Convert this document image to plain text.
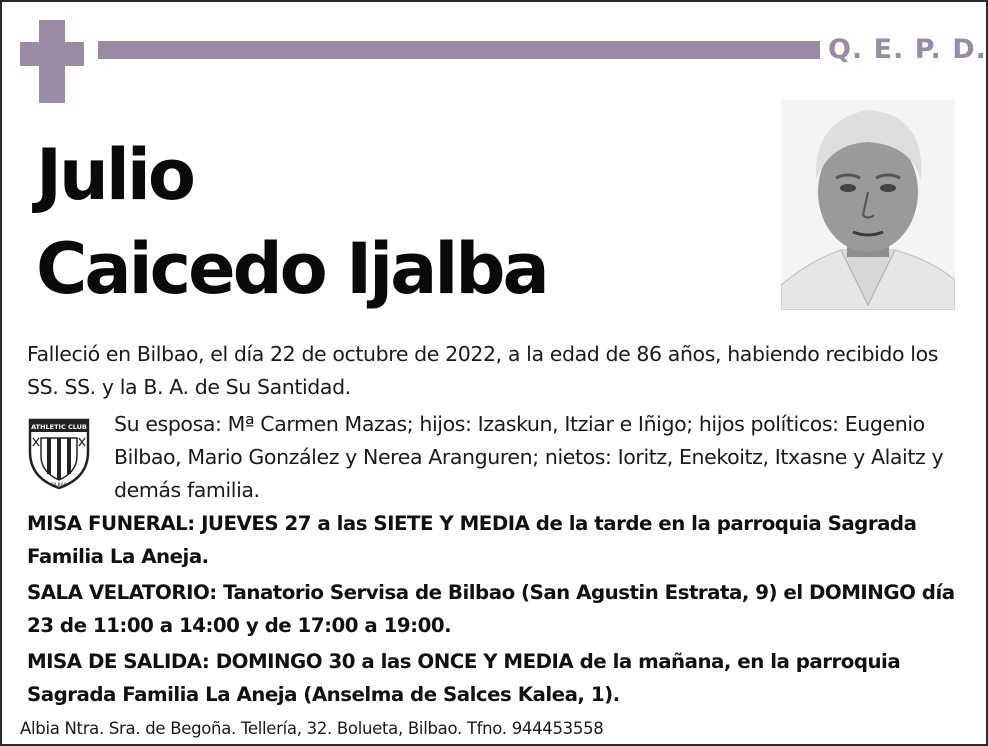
Q. E. P. D.
Julio
Caicedo Ijalba
Falleció en Bilbao, el día 22 de octubre de 2022, a la edad de 86 años, habiendo recibido los SS. SS. y la B. A. de Su Santidad.
ATHLETIC CLUB
BILBAO
Su esposa: Mª Carmen Mazas; hijos: Izaskun, Itziar e Iñigo; hijos políticos: Eugenio Bilbao, Mario González y Nerea Aranguren; nietos: Ioritz, Enekoitz, Itxasne y Alaitz y demás familia.
MISA FUNERAL: JUEVES 27 a las SIETE Y MEDIA de la tarde en la parroquia Sagrada Familia La Aneja.
SALA VELATORIO: Tanatorio Servisa de Bilbao (San Agustin Estrata, 9) el DOMINGO día 23 de 11:00 a 14:00 y de 17:00 a 19:00.
MISA DE SALIDA: DOMINGO 30 a las ONCE Y MEDIA de la mañana, en la parroquia Sagrada Familia La Aneja (Anselma de Salces Kalea, 1).
Albia Ntra. Sra. de Begoña. Tellería, 32. Bolueta, Bilbao. Tfno. 944453558
